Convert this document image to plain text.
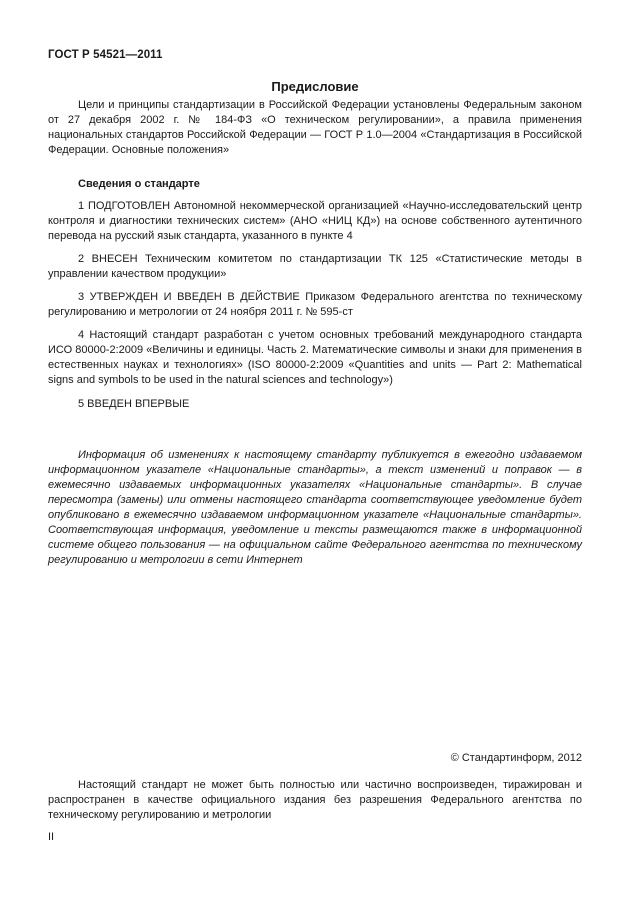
ГОСТ Р 54521—2011
Предисловие

Цели и принципы стандартизации в Российской Федерации установлены Федеральным законом от 27 декабря 2002 г. № 184-ФЗ «О техническом регулировании», а правила применения национальных стандартов Российской Федерации — ГОСТ Р 1.0—2004 «Стандартизация в Российской Федерации. Основные положения»

Сведения о стандарте

1 ПОДГОТОВЛЕН Автономной некоммерческой организацией «Научно-исследовательский центр контроля и диагностики технических систем» (АНО «НИЦ КД») на основе собственного аутентичного перевода на русский язык стандарта, указанного в пункте 4

2 ВНЕСЕН Техническим комитетом по стандартизации ТК 125 «Статистические методы в управлении качеством продукции»

3 УТВЕРЖДЕН И ВВЕДЕН В ДЕЙСТВИЕ Приказом Федерального агентства по техническому регулированию и метрологии от 24 ноября 2011 г. № 595-ст

4 Настоящий стандарт разработан с учетом основных требований международного стандарта ИСО 80000-2:2009 «Величины и единицы. Часть 2. Математические символы и знаки для применения в естественных науках и технологиях» (ISO 80000-2:2009 «Quantities and units — Part 2: Mathematical signs and symbols to be used in the natural sciences and technology»)

5 ВВЕДЕН ВПЕРВЫЕ

Информация об изменениях к настоящему стандарту публикуется в ежегодно издаваемом информационном указателе «Национальные стандарты», а текст изменений и поправок — в ежемесячно издаваемых информационных указателях «Национальные стандарты». В случае пересмотра (замены) или отмены настоящего стандарта соответствующее уведомление будет опубликовано в ежемесячно издаваемом информационном указателе «Национальные стандарты». Соответствующая информация, уведомление и тексты размещаются также в информационной системе общего пользования — на официальном сайте Федерального агентства по техническому регулированию и метрологии в сети Интернет

© Стандартинформ, 2012

Настоящий стандарт не может быть полностью или частично воспроизведен, тиражирован и распространен в качестве официального издания без разрешения Федерального агентства по техническому регулированию и метрологии

II
